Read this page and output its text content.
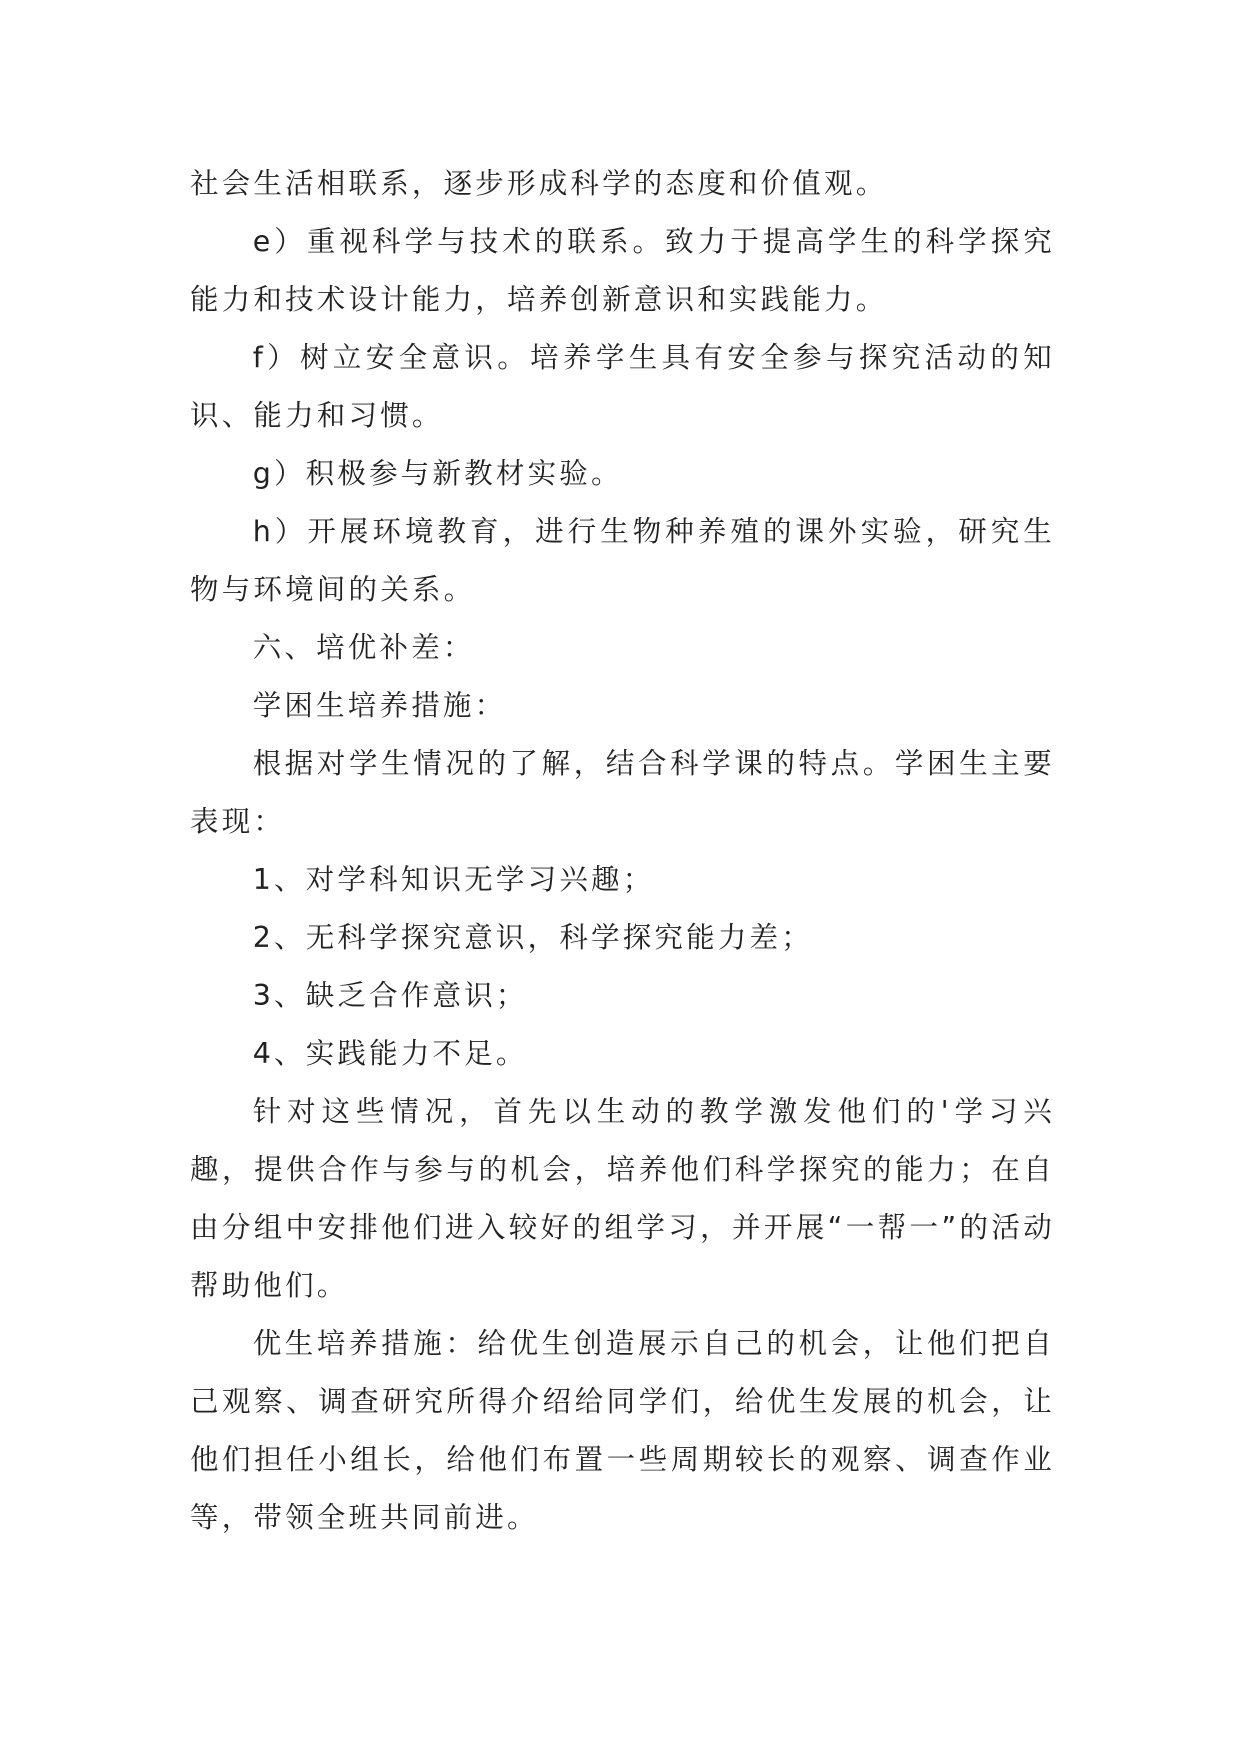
社会生活相联系，逐步形成科学的态度和价值观。

e）重视科学与技术的联系。致力于提高学生的科学探究能力和技术设计能力，培养创新意识和实践能力。

f）树立安全意识。培养学生具有安全参与探究活动的知识、能力和习惯。

g）积极参与新教材实验。

h）开展环境教育，进行生物种养殖的课外实验，研究生物与环境间的关系。

六、培优补差：

学困生培养措施：

根据对学生情况的了解，结合科学课的特点。学困生主要表现：

1、对学科知识无学习兴趣；

2、无科学探究意识，科学探究能力差；

3、缺乏合作意识；

4、实践能力不足。

针对这些情况，首先以生动的教学激发他们的'学习兴趣，提供合作与参与的机会，培养他们科学探究的能力；在自由分组中安排他们进入较好的组学习，并开展“一帮一”的活动帮助他们。

优生培养措施：给优生创造展示自己的机会，让他们把自己观察、调查研究所得介绍给同学们，给优生发展的机会，让他们担任小组长，给他们布置一些周期较长的观察、调查作业等，带领全班共同前进。
